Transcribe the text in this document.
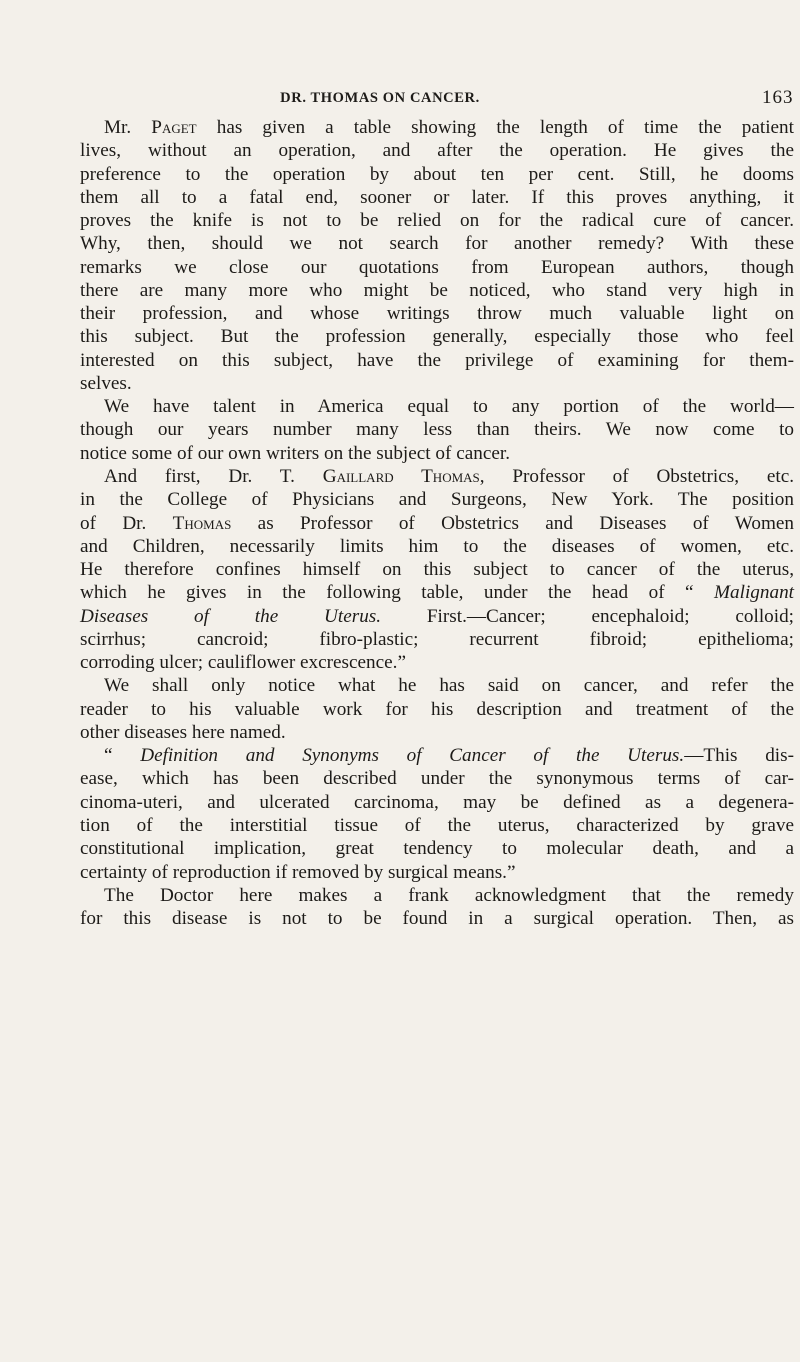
DR. THOMAS ON CANCER.	163
Mr. Paget has given a table showing the length of time the patient
lives, without an operation, and after the operation. He gives the
preference to the operation by about ten per cent. Still, he dooms
them all to a fatal end, sooner or later. If this proves anything, it
proves the knife is not to be relied on for the radical cure of cancer.
Why, then, should we not search for another remedy? With these
remarks we close our quotations from European authors, though
there are many more who might be noticed, who stand very high in
their profession, and whose writings throw much valuable light on
this subject. But the profession generally, especially those who feel
interested on this subject, have the privilege of examining for them-
selves.
We have talent in America equal to any portion of the world—
though our years number many less than theirs. We now come to
notice some of our own writers on the subject of cancer.
And first, Dr. T. Gaillard Thomas, Professor of Obstetrics, etc.
in the College of Physicians and Surgeons, New York. The position
of Dr. Thomas as Professor of Obstetrics and Diseases of Women
and Children, necessarily limits him to the diseases of women, etc.
He therefore confines himself on this subject to cancer of the uterus,
which he gives in the following table, under the head of “ Malignant
Diseases of the Uterus. First.—Cancer; encephaloid; colloid;
scirrhus; cancroid; fibro-plastic; recurrent fibroid; epithelioma;
corroding ulcer; cauliflower excrescence.”
We shall only notice what he has said on cancer, and refer the
reader to his valuable work for his description and treatment of the
other diseases here named.
“ Definition and Synonyms of Cancer of the Uterus.—This dis-
ease, which has been described under the synonymous terms of car-
cinoma-uteri, and ulcerated carcinoma, may be defined as a degenera-
tion of the interstitial tissue of the uterus, characterized by grave
constitutional implication, great tendency to molecular death, and a
certainty of reproduction if removed by surgical means.”
The Doctor here makes a frank acknowledgment that the remedy
for this disease is not to be found in a surgical operation. Then, as
